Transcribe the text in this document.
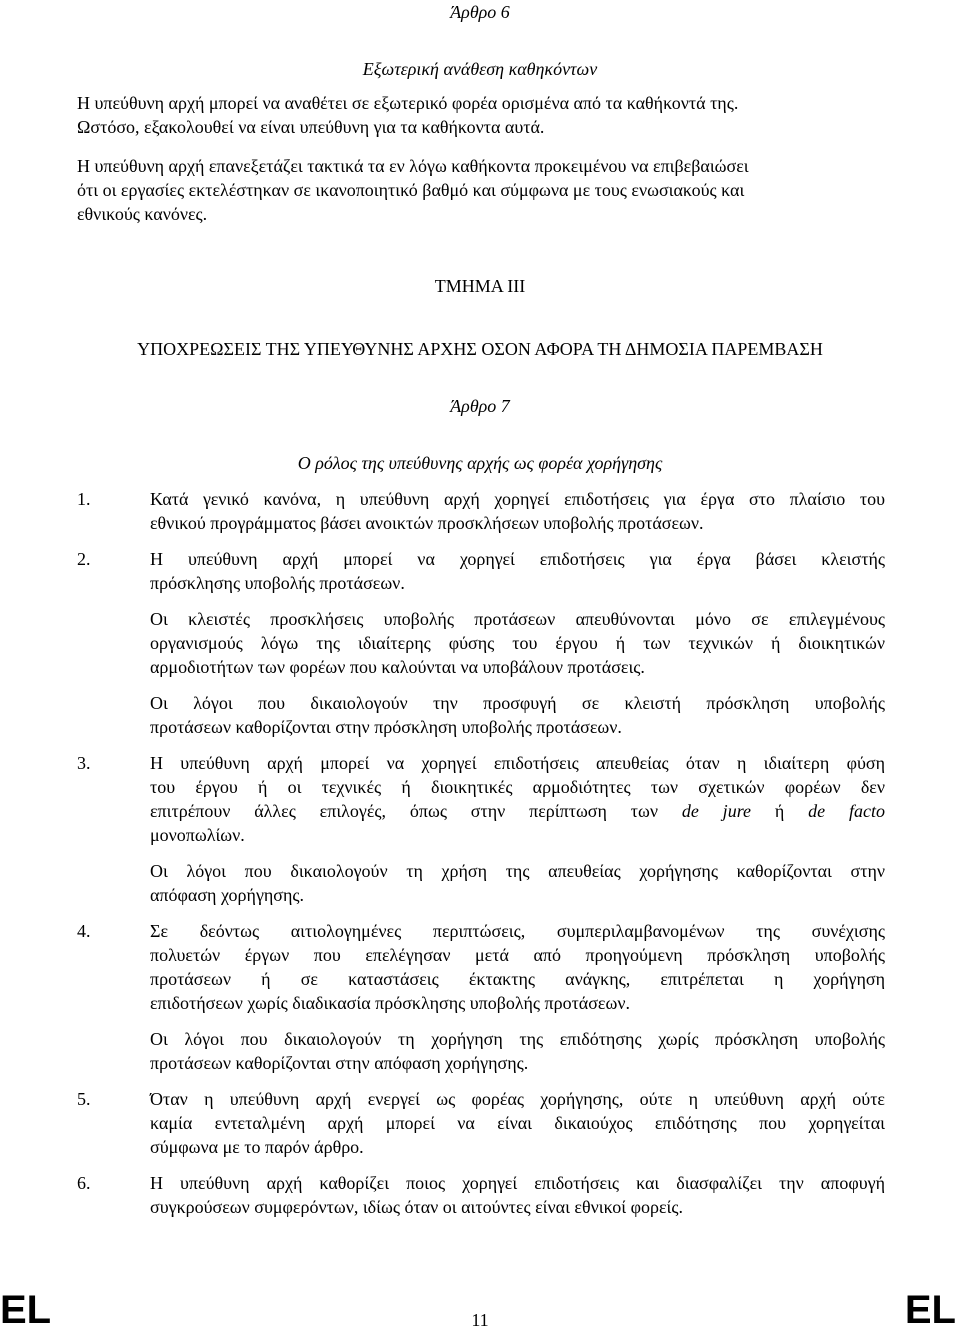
Άρθρο 6
Εξωτερική ανάθεση καθηκόντων
Η υπεύθυνη αρχή μπορεί να αναθέτει σε εξωτερικό φορέα ορισμένα από τα καθήκοντά της.
Ωστόσο, εξακολουθεί να είναι υπεύθυνη για τα καθήκοντα αυτά.
Η υπεύθυνη αρχή επανεξετάζει τακτικά τα εν λόγω καθήκοντα προκειμένου να επιβεβαιώσει
ότι οι εργασίες εκτελέστηκαν σε ικανοποιητικό βαθμό και σύμφωνα με τους ενωσιακούς και
εθνικούς κανόνες.
ΤΜΗΜΑ III
ΥΠΟΧΡΕΩΣΕΙΣ ΤΗΣ ΥΠΕΥΘΥΝΗΣ ΑΡΧΗΣ ΟΣΟΝ ΑΦΟΡΑ ΤΗ ΔΗΜΟΣΙΑ ΠΑΡΕΜΒΑΣΗ
Άρθρο 7
Ο ρόλος της υπεύθυνης αρχής ως φορέα χορήγησης
1.	Κατά γενικό κανόνα, η υπεύθυνη αρχή χορηγεί επιδοτήσεις για έργα στο πλαίσιο του
εθνικού προγράμματος βάσει ανοικτών προσκλήσεων υποβολής προτάσεων.
2.	Η υπεύθυνη αρχή μπορεί να χορηγεί επιδοτήσεις για έργα βάσει κλειστής
πρόσκλησης υποβολής προτάσεων.
Οι κλειστές προσκλήσεις υποβολής προτάσεων απευθύνονται μόνο σε επιλεγμένους
οργανισμούς λόγω της ιδιαίτερης φύσης του έργου ή των τεχνικών ή διοικητικών
αρμοδιοτήτων των φορέων που καλούνται να υποβάλουν προτάσεις.
Οι λόγοι που δικαιολογούν την προσφυγή σε κλειστή πρόσκληση υποβολής
προτάσεων καθορίζονται στην πρόσκληση υποβολής προτάσεων.
3.	Η υπεύθυνη αρχή μπορεί να χορηγεί επιδοτήσεις απευθείας όταν η ιδιαίτερη φύση
του έργου ή οι τεχνικές ή διοικητικές αρμοδιότητες των σχετικών φορέων δεν
επιτρέπουν άλλες επιλογές, όπως στην περίπτωση των de jure ή de facto
μονοπωλίων.
Οι λόγοι που δικαιολογούν τη χρήση της απευθείας χορήγησης καθορίζονται στην
απόφαση χορήγησης.
4.	Σε δεόντως αιτιολογημένες περιπτώσεις, συμπεριλαμβανομένων της συνέχισης
πολυετών έργων που επελέγησαν μετά από προηγούμενη πρόσκληση υποβολής
προτάσεων ή σε καταστάσεις έκτακτης ανάγκης, επιτρέπεται η χορήγηση
επιδοτήσεων χωρίς διαδικασία πρόσκλησης υποβολής προτάσεων.
Οι λόγοι που δικαιολογούν τη χορήγηση της επιδότησης χωρίς πρόσκληση υποβολής
προτάσεων καθορίζονται στην απόφαση χορήγησης.
5.	Όταν η υπεύθυνη αρχή ενεργεί ως φορέας χορήγησης, ούτε η υπεύθυνη αρχή ούτε
καμία εντεταλμένη αρχή μπορεί να είναι δικαιούχος επιδότησης που χορηγείται
σύμφωνα με το παρόν άρθρο.
6.	Η υπεύθυνη αρχή καθορίζει ποιος χορηγεί επιδοτήσεις και διασφαλίζει την αποφυγή
συγκρούσεων συμφερόντων, ιδίως όταν οι αιτούντες είναι εθνικοί φορείς.
EL	11	EL
